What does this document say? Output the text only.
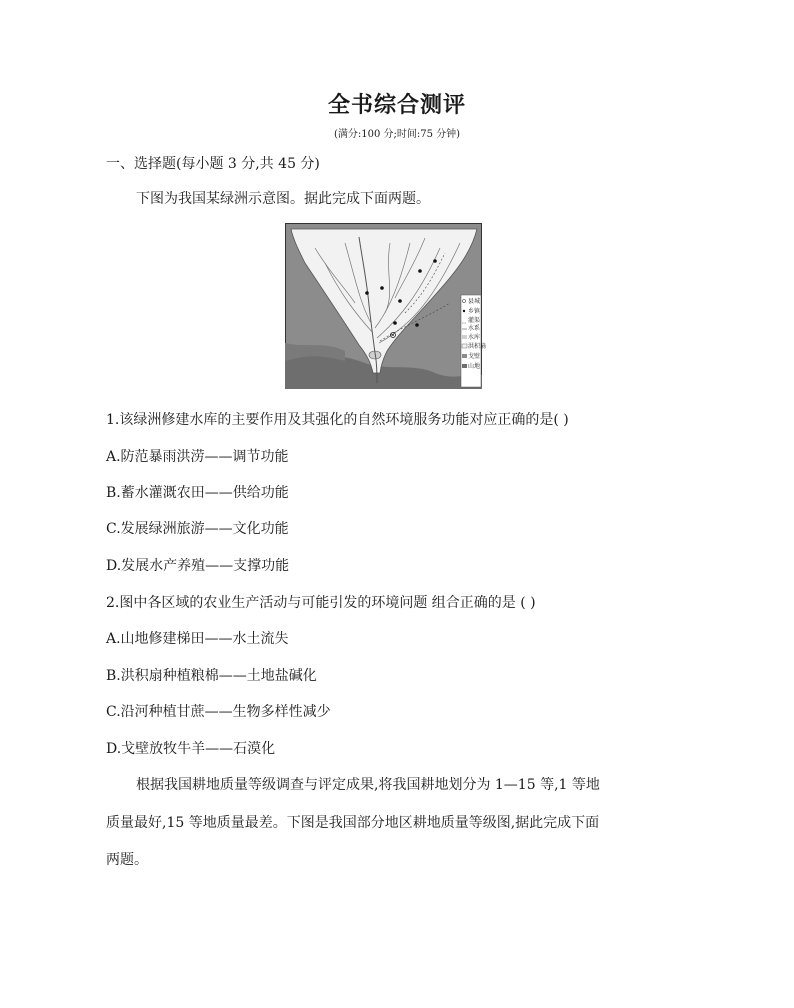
全书综合测评
(满分:100 分;时间:75 分钟)
一、选择题(每小题 3 分,共 45 分)
下图为我国某绿洲示意图。据此完成下面两题。
县城
乡镇
灌渠
水系
水库
洪积扇
戈壁
山地
1.该绿洲修建水库的主要作用及其强化的自然环境服务功能对应正确的是( )
A.防范暴雨洪涝——调节功能
B.蓄水灌溉农田——供给功能
C.发展绿洲旅游——文化功能
D.发展水产养殖——支撑功能
2.图中各区域的农业生产活动与可能引发的环境问题 组合正确的是 ( )
A.山地修建梯田——水土流失
B.洪积扇种植粮棉——土地盐碱化
C.沿河种植甘蔗——生物多样性减少
D.戈壁放牧牛羊——石漠化
根据我国耕地质量等级调查与评定成果,将我国耕地划分为 1—15 等,1 等地
质量最好,15 等地质量最差。下图是我国部分地区耕地质量等级图,据此完成下面
两题。
